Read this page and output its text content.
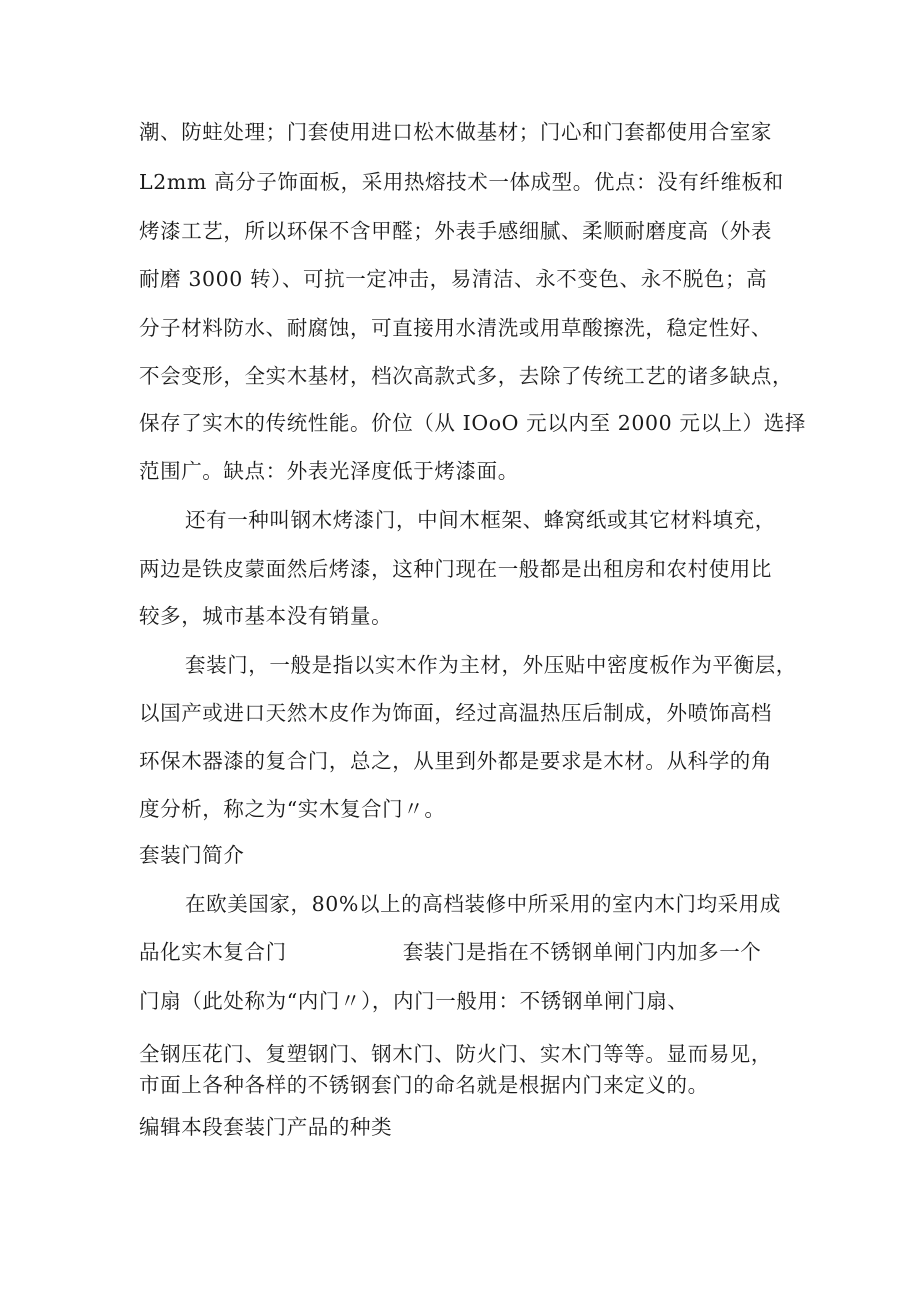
潮、防蛀处理；门套使用进口松木做基材；门心和门套都使用合室家
L2mm 高分子饰面板，采用热熔技术一体成型。优点：没有纤维板和
烤漆工艺，所以环保不含甲醛；外表手感细腻、柔顺耐磨度高（外表
耐磨 3000 转）、可抗一定冲击，易清洁、永不变色、永不脱色；高
分子材料防水、耐腐蚀，可直接用水清洗或用草酸擦洗，稳定性好、
不会变形，全实木基材，档次高款式多，去除了传统工艺的诸多缺点，
保存了实木的传统性能。价位（从 IOoO 元以内至 2000 元以上）选择
范围广。缺点：外表光泽度低于烤漆面。
还有一种叫钢木烤漆门，中间木框架、蜂窝纸或其它材料填充，
两边是铁皮蒙面然后烤漆，这种门现在一般都是出租房和农村使用比
较多，城市基本没有销量。
套装门，一般是指以实木作为主材，外压贴中密度板作为平衡层，
以国产或进口天然木皮作为饰面，经过高温热压后制成，外喷饰高档
环保木器漆的复合门，总之，从里到外都是要求是木材。从科学的角
度分析，称之为“实木复合门〃。
套装门简介
在欧美国家，80%以上的高档装修中所采用的室内木门均采用成
品化实木复合门	套装门是指在不锈钢单闸门内加多一个
门扇（此处称为“内门〃），内门一般用：不锈钢单闸门扇、
全钢压花门、复塑钢门、钢木门、防火门、实木门等等。显而易见，
市面上各种各样的不锈钢套门的命名就是根据内门来定义的。
编辑本段套装门产品的种类
